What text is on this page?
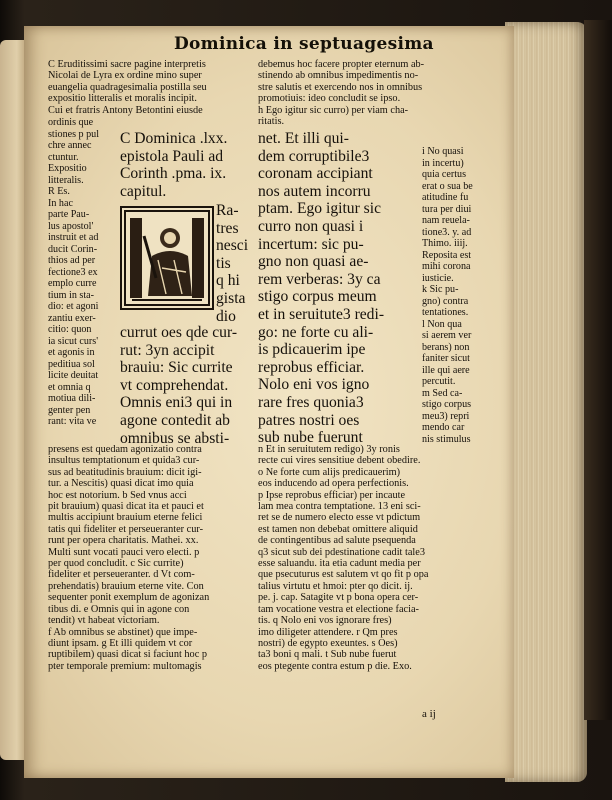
Dominica in septuagesima
C Eruditissimi sacre pagine interpretis
Nicolai de Lyra ex ordine mino super
euangelia quadragesimalia postilla seu
expositio litteralis et moralis incipit.
Cui et fratris Antony Betontini eiusde
debemus hoc facere propter eternum ab-
stinendo ab omnibus impedimentis no-
stre salutis et exercendo nos in omnibus
promotiuis: ideo concludit se ipso.
h Ego igitur sic curro) per viam cha-
ritatis.
ordinis que
stiones p pul
chre annec
ctuntur.
Expositio
litteralis.
R Es.
In hac
parte Pau-
lus apostol'
instruit et ad
ducit Corin-
thios ad per
fectione3 ex
emplo curre
tium in sta-
dio: et agoni
zantiu exer-
citio: quon
ia sicut curs'
et agonis in
peditiua sol
licite deuitat
et omnia q
motiua dili-
genter pen
rant: vita ve
C Dominica .lxx.
epistola Pauli ad
Corinth .pma. ix.
capitul.
Ra-
tres
nesci
tis
q hi
gista
dio
currut oes qde cur-
rut: 3yn accipit
brauiu: Sic currite
vt comprehendat.
Omnis eni3 qui in
agone contedit ab
omnibus se absti-
net. Et illi qui-
dem corruptibile3
coronam accipiant
nos autem incorru
ptam. Ego igitur sic
curro non quasi i
incertum: sic pu-
gno non quasi ae-
rem verberas: 3y ca
stigo corpus meum
et in seruitute3 redi-
go: ne forte cu ali-
is pdicauerim ipe
reprobus efficiar.
Nolo eni vos igno
rare fres quonia3
patres nostri oes
sub nube fuerunt
i No quasi
in incertu)
quia certus
erat o sua be
atitudine fu
tura per diui
nam reuela-
tione3. y. ad
Thimo. iiij.
Reposita est
mihi corona
iusticie.
k Sic pu-
gno) contra
tentationes.
l Non qua
si aerem ver
berans) non
faniter sicut
ille qui aere
percutit.
m Sed ca-
stigo corpus
meu3) repri
mendo car
nis stimulus
presens est quedam agonizatio contra
insultus temptationum et quida3 cur-
sus ad beatitudinis brauium: dicit igi-
tur. a Nescitis) quasi dicat imo quia
hoc est notorium. b Sed vnus acci
pit brauium) quasi dicat ita et pauci et
multis accipiunt brauium eterne felici
tatis qui fideliter et perseueranter cur-
runt per opera charitatis. Mathei. xx.
Multi sunt vocati pauci vero electi. p
per quod concludit. c Sic currite)
fideliter et perseueranter. d Vt com-
prehendatis) brauium eterne vite. Con
sequenter ponit exemplum de agonizan
tibus di. e Omnis qui in agone con
tendit) vt habeat victoriam.
f Ab omnibus se abstinet) que impe-
diunt ipsam. g Et illi quidem vt cor
ruptibilem) quasi dicat si faciunt hoc p
pter temporale premium: multomagis
n Et in seruitutem redigo) 3y ronis
recte cui vires sensitiue debent obedire.
o Ne forte cum alijs predicauerim)
eos inducendo ad opera perfectionis.
p Ipse reprobus efficiar) per incaute
lam mea contra temptatione. 13 eni sci-
ret se de numero electo esse vt pdictum
est tamen non debebat omittere aliquid
de contingentibus ad salute psequenda
q3 sicut sub dei pdestinatione cadit tale3
esse saluandu. ita etia cadunt media per
que psecuturus est salutem vt qo fit p opa
talius virtutu et hmoi: pter qo dicit. ij.
pe. j. cap. Satagite vt p bona opera cer-
tam vocatione vestra et electione facia-
tis. q Nolo eni vos ignorare fres)
imo diligeter attendere. r Qm pres
nostri) de egypto exeuntes. s Oes)
ta3 boni q mali. t Sub nube fuerut
eos ptegente contra estum p die. Exo.
a ij
